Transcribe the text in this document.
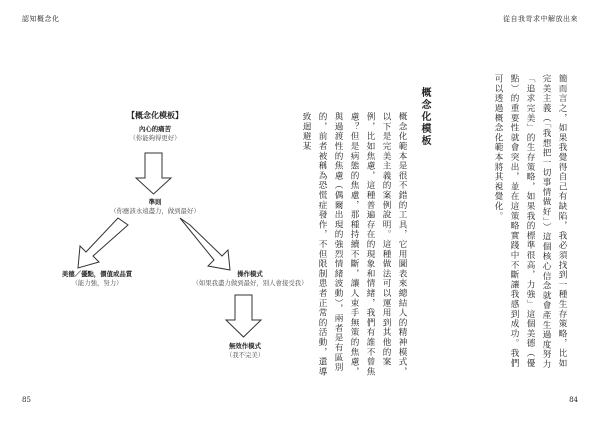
認知概念化	從自我苛求中解放出來
簡而言之，如果我覺得自己有缺陷，我必須找到一種生存策略，比如完美主義（「我想把一切事情做好」）這個核心信念就會產生過度努力「追求完美」的生存策略，如果我的標準很高，力強」這個美德（優點）的重要性就會突出，並在這策略實踐中不斷讓我感到成功。我們可以透過概念化範本將其視覺化。
概念化模板
概念化範本是很不錯的工具，它用圖表來總結人的精神模式，以下是完美主義的案例說明。這種做法可以運用到其他的案例，比如焦慮，這種普遍存在的現象和情緒，我們有誰不曾焦慮？但是病態的焦慮，那種持續不斷，讓人束手無策的焦慮，與過渡性的焦慮（偶爾出現的強烈情緒波動），兩者是有區別的，前者被稱為恐慌症發作，不但限制患者正常的活動，還導致迴避某
【概念化模板】
內心的痛苦
（你能夠得更好）
準則
（你應該永遠盡力，做到最好）
美德／優點，價值或品質
（能力強，努力）
操作模式
（如果我盡力做到最好，別人會接受我）
無效作模式
（我不完美）
85	84
